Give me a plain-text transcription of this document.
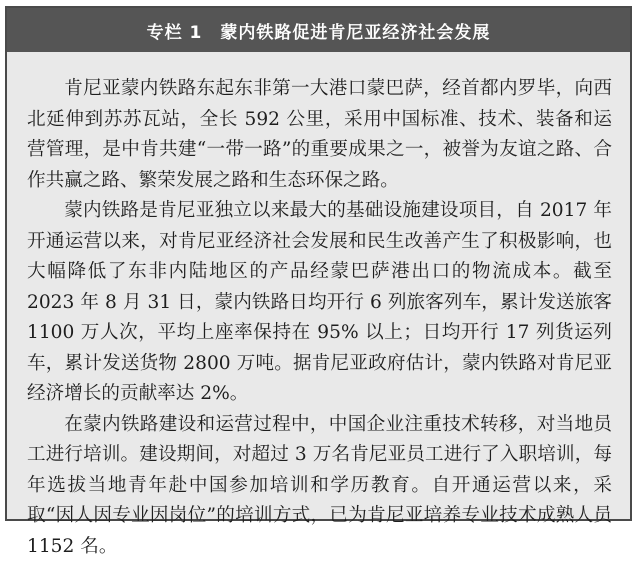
专栏 1 蒙内铁路促进肯尼亚经济社会发展

肯尼亚蒙内铁路东起东非第一大港口蒙巴萨，经首都内罗毕，向西北延伸到苏苏瓦站，全长 592 公里，采用中国标准、技术、装备和运营管理，是中肯共建“一带一路”的重要成果之一，被誉为友谊之路、合作共赢之路、繁荣发展之路和生态环保之路。

蒙内铁路是肯尼亚独立以来最大的基础设施建设项目，自 2017 年开通运营以来，对肯尼亚经济社会发展和民生改善产生了积极影响，也大幅降低了东非内陆地区的产品经蒙巴萨港出口的物流成本。截至 2023 年 8 月 31 日，蒙内铁路日均开行 6 列旅客列车，累计发送旅客 1100 万人次，平均上座率保持在 95% 以上；日均开行 17 列货运列车，累计发送货物 2800 万吨。据肯尼亚政府估计，蒙内铁路对肯尼亚经济增长的贡献率达 2%。

在蒙内铁路建设和运营过程中，中国企业注重技术转移，对当地员工进行培训。建设期间，对超过 3 万名肯尼亚员工进行了入职培训，每年选拔当地青年赴中国参加培训和学历教育。自开通运营以来，采取“因人因专业因岗位”的培训方式，已为肯尼亚培养专业技术成熟人员 1152 名。
